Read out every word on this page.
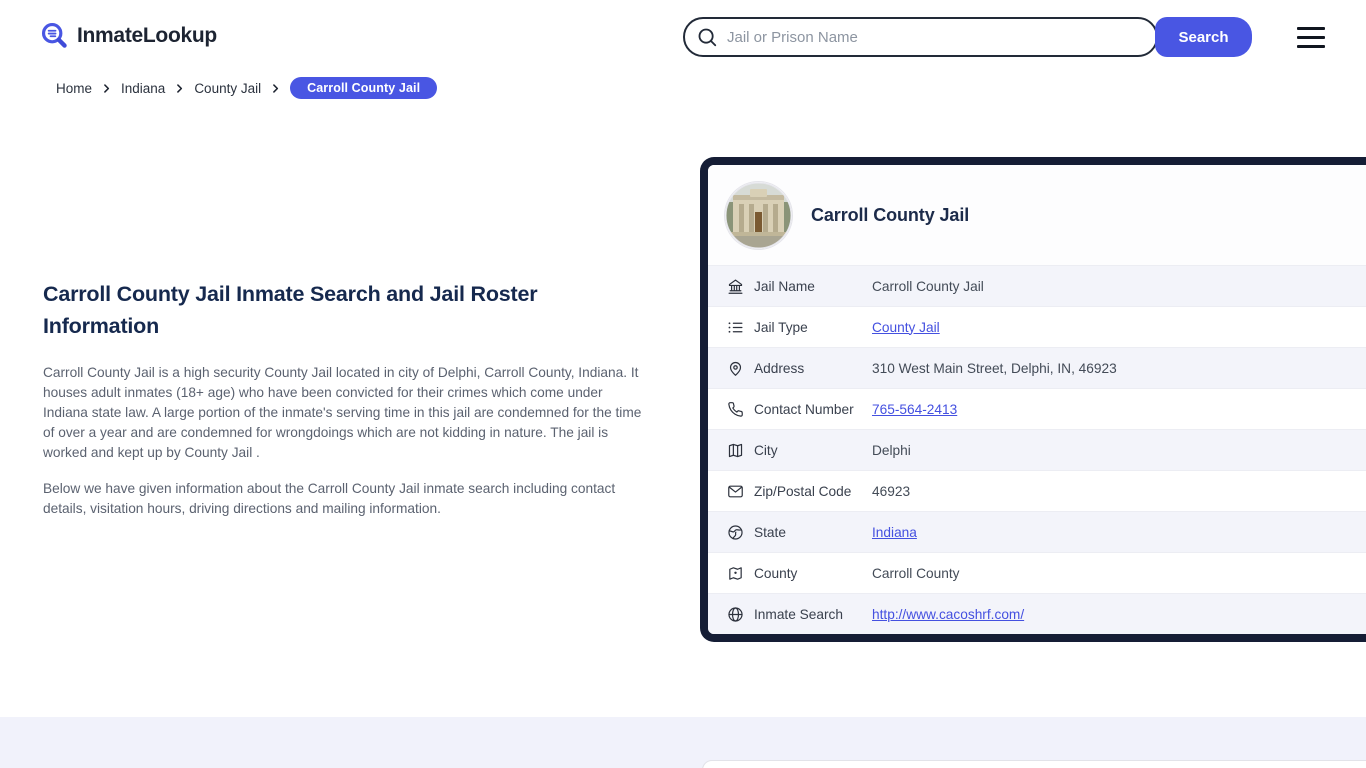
InmateLookup
Jail or Prison Name	Search
Home Indiana County Jail	Carroll County Jail
Carroll County Jail Inmate Search and Jail Roster Information

Carroll County Jail is a high security County Jail located in city of Delphi, Carroll County, Indiana. It houses adult inmates (18+ age) who have been convicted for their crimes which come under Indiana state law. A large portion of the inmate's serving time in this jail are condemned for the time of over a year and are condemned for wrongdoings which are not kidding in nature. The jail is worked and kept up by County Jail .

Below we have given information about the Carroll County Jail inmate search including contact details, visitation hours, driving directions and mailing information.

Carroll County Jail
Jail Name	Carroll County Jail
Jail Type	County Jail
Address	310 West Main Street, Delphi, IN, 46923
Contact Number	765-564-2413
City	Delphi
Zip/Postal Code	46923
State	Indiana
County	Carroll County
Inmate Search	http://www.cacoshrf.com/
